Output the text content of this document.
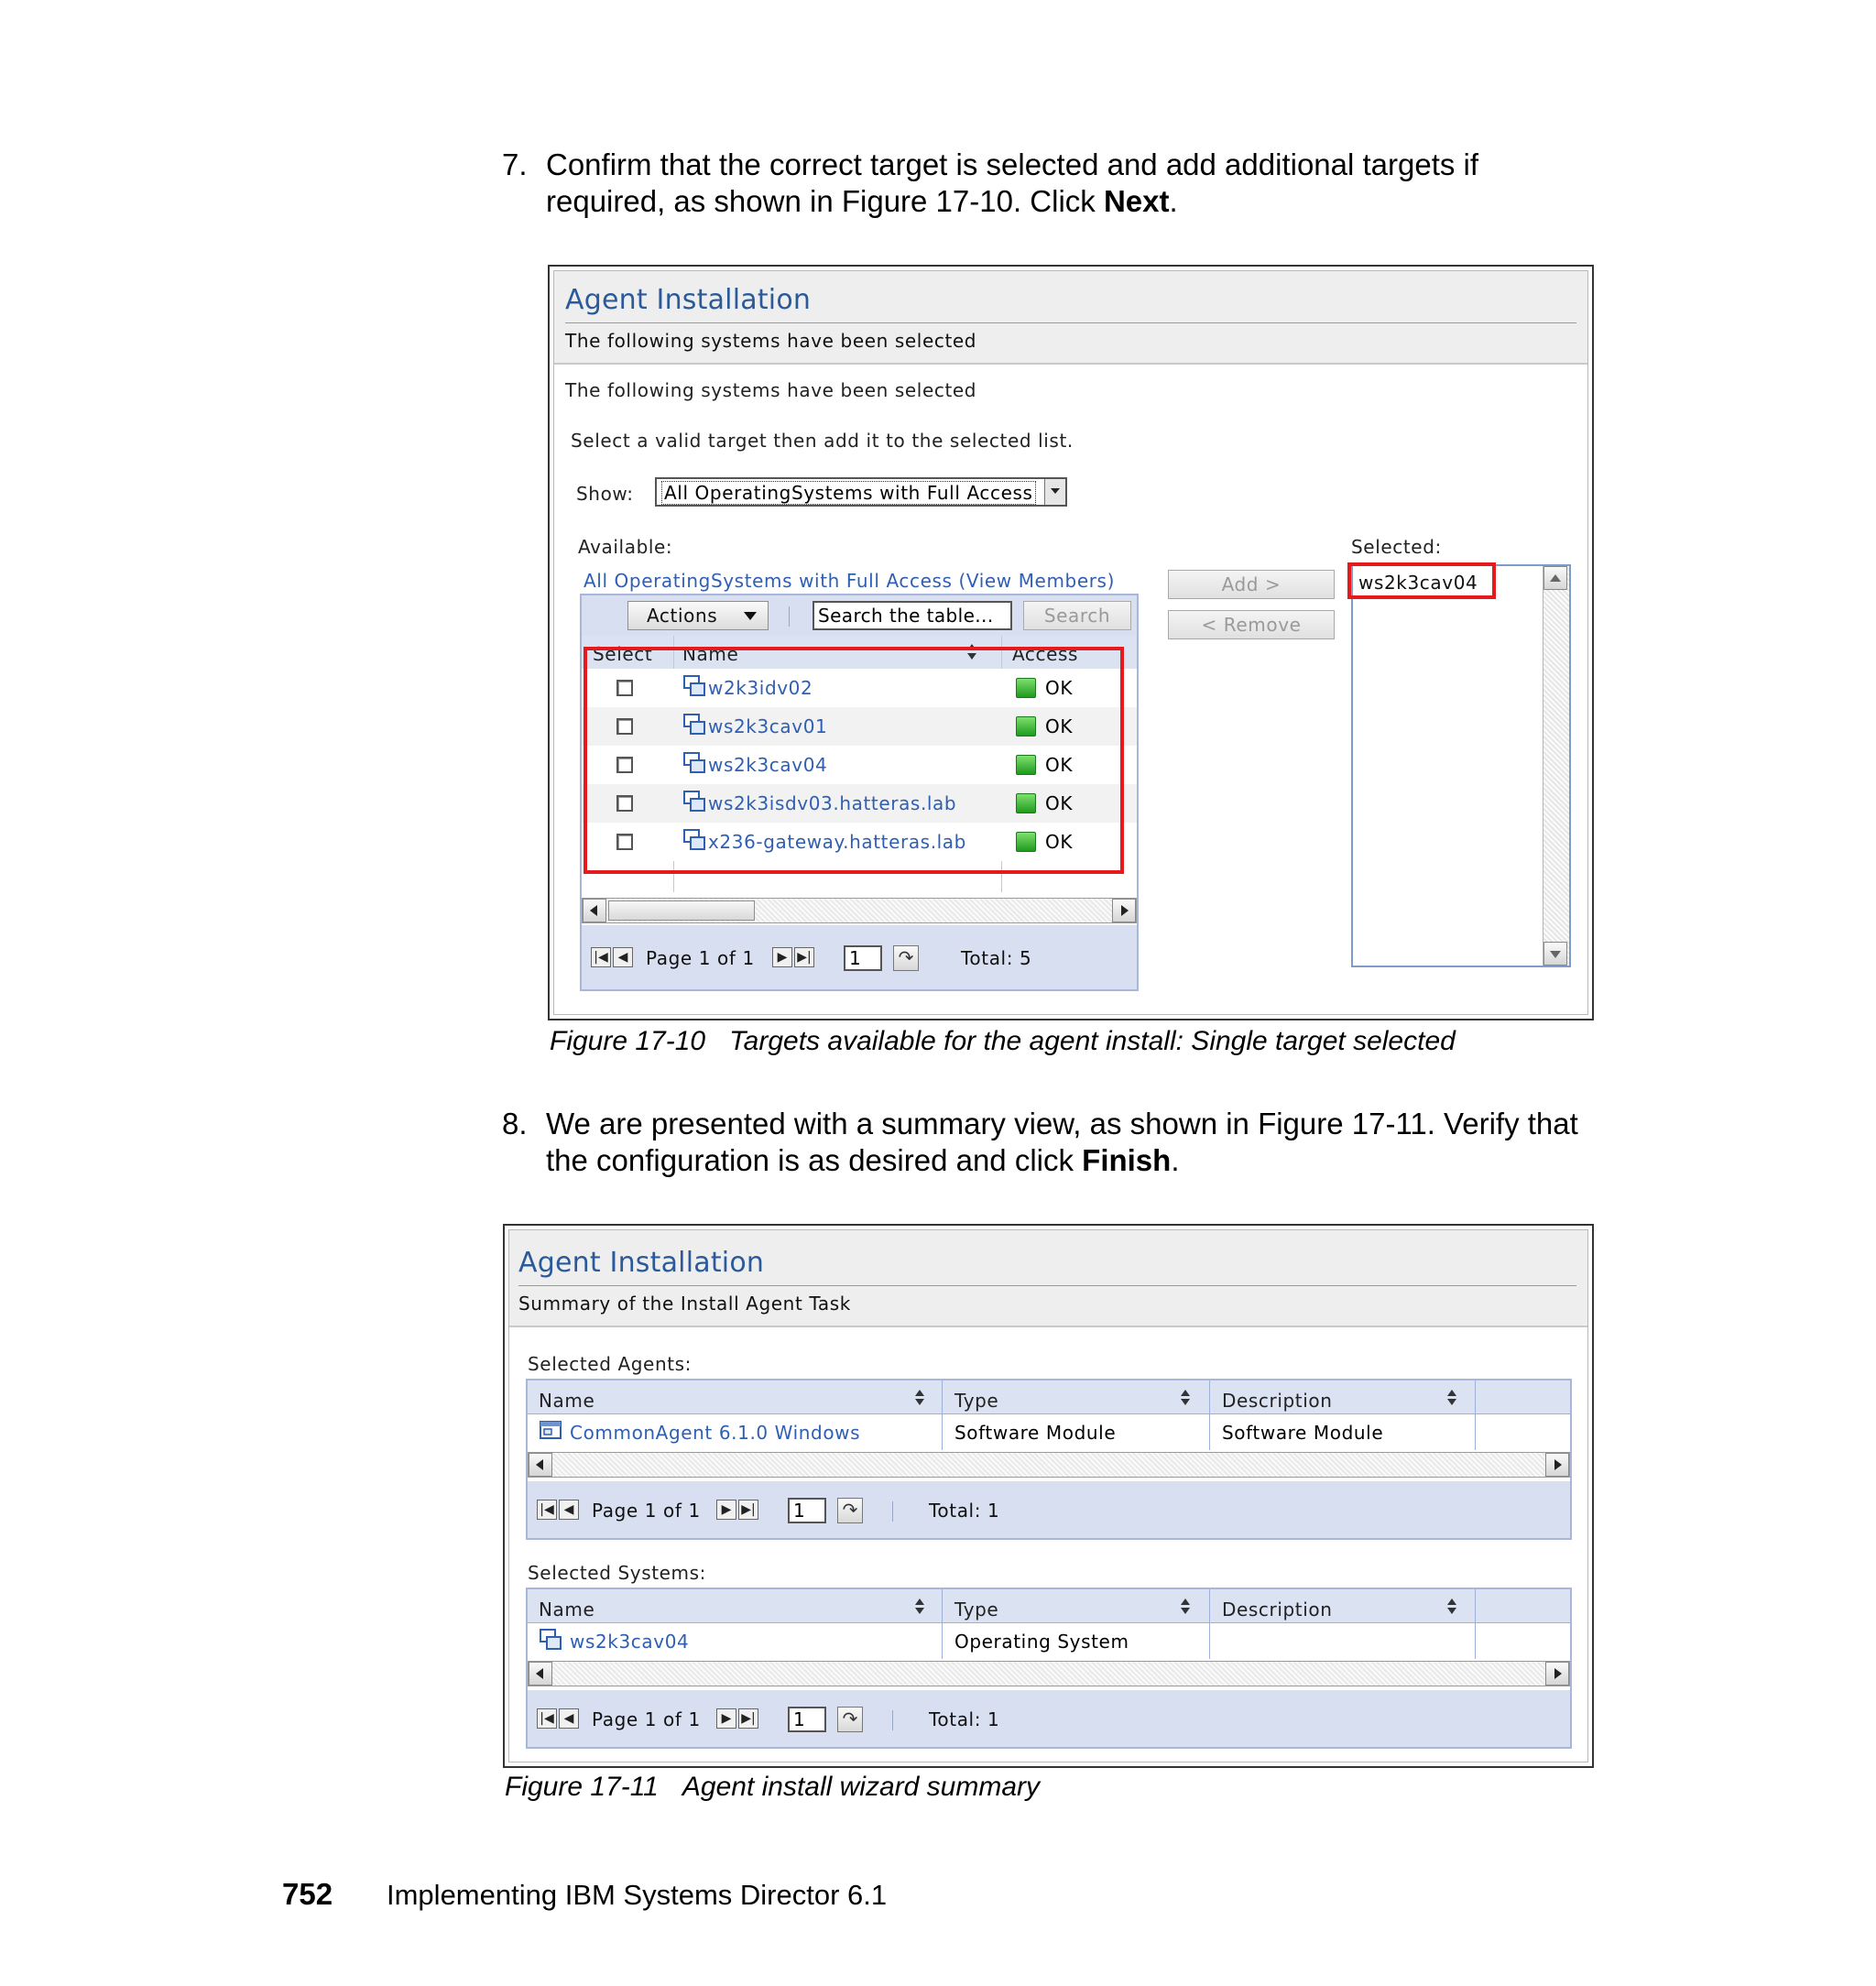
7. Confirm that the correct target is selected and add additional targets if
required, as shown in Figure 17-10. Click Next.
Agent Installation
The following systems have been selected
The following systems have been selected
Select a valid target then add it to the selected list.
Show: All OperatingSystems with Full Access
Available:
All OperatingSystems with Full Access (View Members)
Actions	Search the table...	Search
Select Name	Access
w2k3idv02	OK
ws2k3cav01	OK
ws2k3cav04	OK
ws2k3isdv03.hatteras.lab	OK
x236-gateway.hatteras.lab	OK
|◀ ◀ Page 1 of 1	▶ ▶|	1	↷	Total: 5
Add >
< Remove
Selected:
ws2k3cav04
Figure 17-10 Targets available for the agent install: Single target selected
8. We are presented with a summary view, as shown in Figure 17-11. Verify that
the configuration is as desired and click Finish.
Agent Installation
Summary of the Install Agent Task
Selected Agents:
Name	Type	Description
CommonAgent 6.1.0 Windows	Software Module	Software Module
|◀ ◀ Page 1 of 1	▶ ▶|	1	↷	Total: 1
Selected Systems:
Name	Type	Description
ws2k3cav04	Operating System
|◀ ◀ Page 1 of 1	▶ ▶|	1	↷	Total: 1
Figure 17-11 Agent install wizard summary
752 Implementing IBM Systems Director 6.1
